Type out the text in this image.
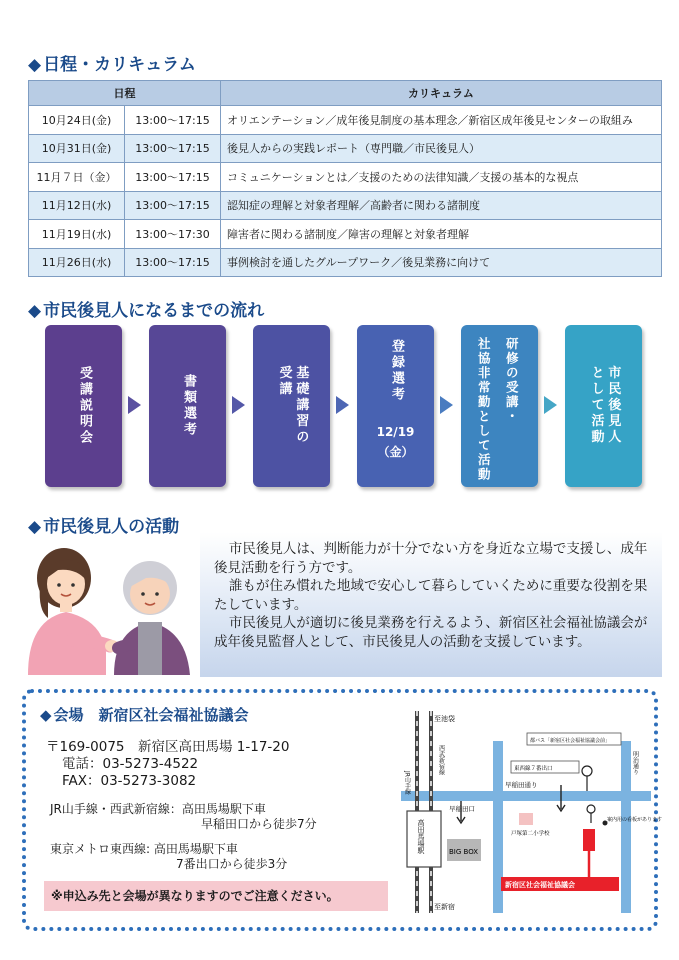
◆ 日程・カリキュラム
日程		カリキュラム
10月24日(金)	13:00〜17:15	オリエンテーション／成年後見制度の基本理念／新宿区成年後見センターの取組み
10月31日(金)	13:00〜17:15	後見人からの実践レポート（専門職／市民後見人）
11月７日（金）	13:00〜17:15	コミュニケーションとは／支援のための法律知識／支援の基本的な視点
11月12日(水)	13:00〜17:15	認知症の理解と対象者理解／高齢者に関わる諸制度
11月19日(水)	13:00〜17:30	障害者に関わる諸制度／障害の理解と対象者理解
11月26日(水)	13:00〜17:15	事例検討を通したグループワーク／後見業務に向けて
◆ 市民後見人になるまでの流れ
受講説明会	書類選考	基礎講習の受講	登録選考
12/19
（金）
研修の受講・
社協非常勤として活動	市民後見人として活動
◆ 市民後見人の活動

市民後見人は、判断能力が十分でない方を身近な立場で支援し、成年後見活動を行う方です。

誰もが住み慣れた地域で安心して暮らしていくために重要な役割を果たしています。

市民後見人が適切に後見業務を行えるよう、新宿区社会福祉協議会が成年後見監督人として、市民後見人の活動を支援しています。

◆ 会場　新宿区社会福祉協議会
〒169-0075　新宿区高田馬場 1-17-20
電話：03-5273-4522
FAX：03-5273-3082
JR山手線・西武新宿線：高田馬場駅下車
早稲田口から徒歩7分
東京メトロ東西線: 高田馬場駅下車
7番出口から徒歩3分
※申込み先と会場が異なりますのでご注意ください。
至池袋
至新宿
JR山手線
西武新宿線
高田馬場駅
早稲田通り
早稲田口
都バス「新宿区社会福祉協議会前」
東西線７番出口	明治通り
戸塚第二小学校
案内用の看板があります
BIG BOX
新宿区社会福祉協議会
